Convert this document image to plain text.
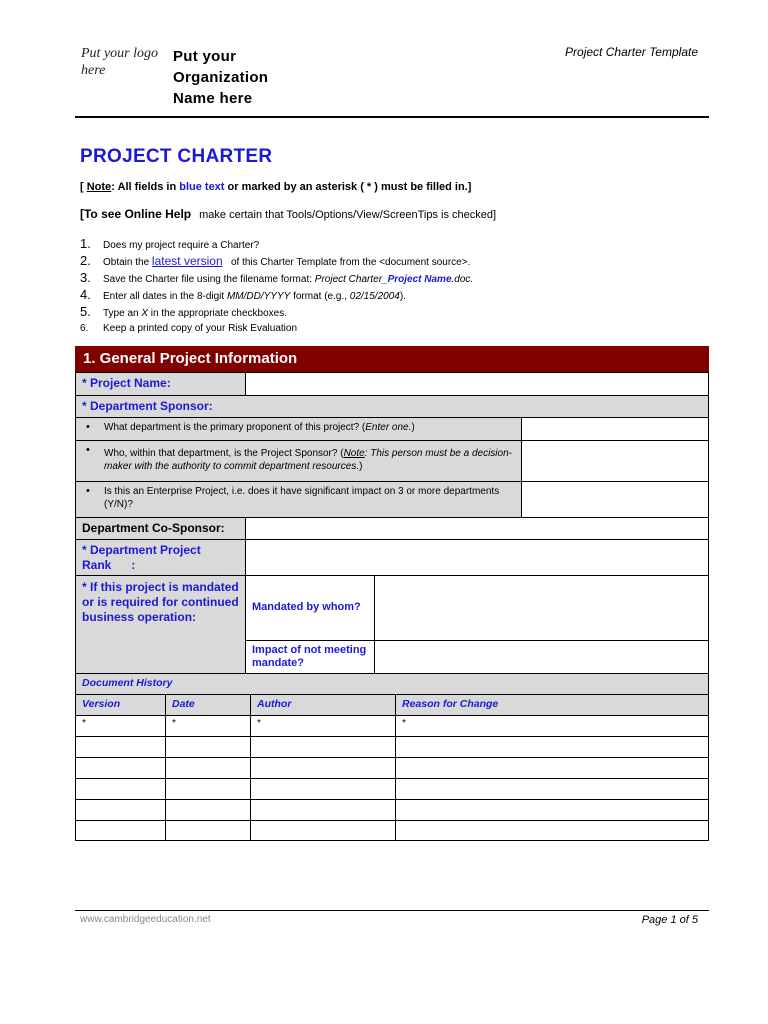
Put your logo here
Put your
Organization
Name here
Project Charter Template
PROJECT CHARTER
[ Note: All fields in blue text or marked by an asterisk ( * ) must be filled in.]
[To see Online Help make certain that Tools/Options/View/ScreenTips is checked]
1. Does my project require a Charter?
2. Obtain the latest version   of this Charter Template from the <document source>.
3. Save the Charter file using the filename format: Project Charter_Project Name.doc.
4. Enter all dates in the 8-digit MM/DD/YYYY format (e.g., 02/15/2004).
5. Type an X in the appropriate checkboxes.
6. Keep a printed copy of your Risk Evaluation
1. General Project Information
* Project Name:
* Department Sponsor:
• What department is the primary proponent of this project? (Enter one.)
• Who, within that department, is the Project Sponsor? (Note: This person must be a decision-maker with the authority to commit department resources.)
• Is this an Enterprise Project, i.e. does it have significant impact on 3 or more departments (Y/N)?
Department Co-Sponsor:
* Department Project
Rank      :
* If this project is mandated or is required for continued business operation:
Mandated by whom?
Impact of not meeting mandate?
Document History
Version	Date	Author	Reason for Change
*	*	*	*
www.cambridgeeducation.net	Page 1 of 5
